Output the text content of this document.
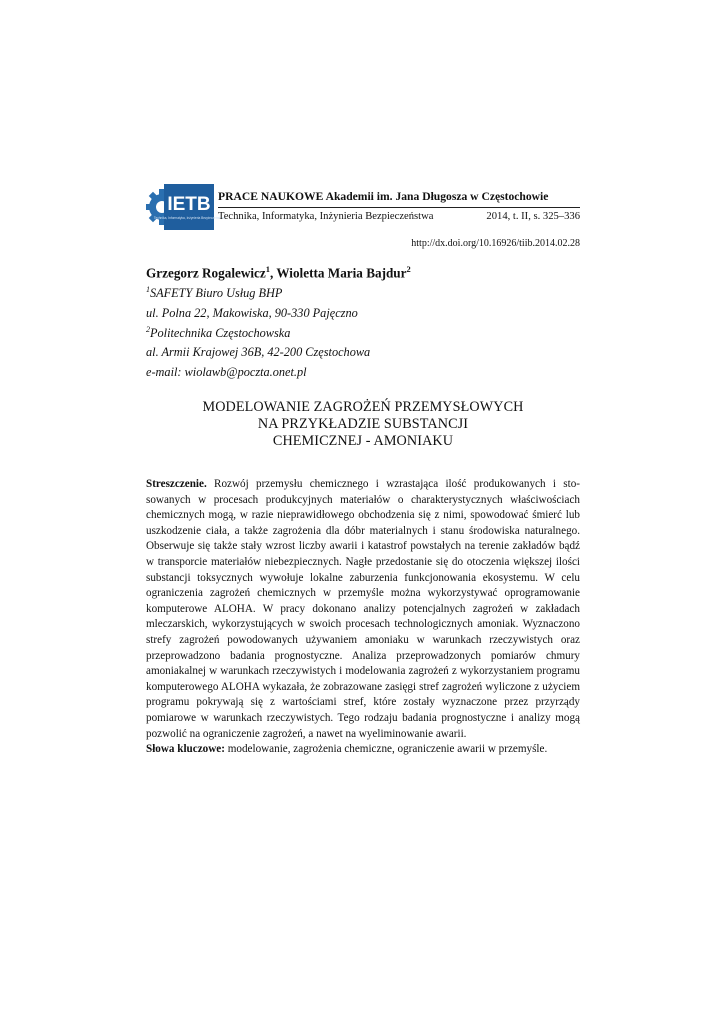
IETB
Technika, Informatyka, Inżynieria Bezpieczeństwa
PRACE NAUKOWE Akademii im. Jana Długosza w Częstochowie
Technika, Informatyka, Inżynieria Bezpieczeństwa	2014, t. II, s. 325–336
http://dx.doi.org/10.16926/tiib.2014.02.28
Grzegorz Rogalewicz$^1$, Wioletta Maria Bajdur$^2$
$^1$SAFETY Biuro Usług BHP
ul. Polna 22, Makowiska, 90-330 Pajęczno
$^2$Politechnika Częstochowska
al. Armii Krajowej 36B, 42-200 Częstochowa
e-mail: wiolawb@poczta.onet.pl
MODELOWANIE ZAGROŻEŃ PRZEMYSŁOWYCH
NA PRZYKŁADZIE SUBSTANCJI
CHEMICZNEJ - AMONIAKU
Streszczenie. Rozwój przemysłu chemicznego i wzrastająca ilość produkowanych i stosowanych w procesach produkcyjnych materiałów o charakterystycznych właściwościach chemicznych mogą, w razie nieprawidłowego obchodzenia się z nimi, spowodować śmierć lub uszkodzenie ciała, a także zagrożenia dla dóbr materialnych i stanu środowiska naturalnego. Obserwuje się także stały wzrost liczby awarii i katastrof powstałych na terenie zakładów bądź w transporcie materiałów niebezpiecznych. Nagłe przedostanie się do otoczenia większej ilości substancji toksycznych wywołuje lokalne zaburzenia funkcjonowania ekosystemu. W celu ograniczenia zagrożeń chemicznych w przemyśle można wykorzystywać oprogramowanie komputerowe ALOHA. W pracy dokonano analizy potencjalnych zagrożeń w zakładach mleczarskich, wykorzystujących w swoich procesach technologicznych amoniak. Wyznaczono strefy zagrożeń powodowanych używaniem amoniaku w warunkach rzeczywistych oraz przeprowadzono badania prognostyczne. Analiza przeprowadzonych pomiarów chmury amoniakalnej w warunkach rzeczywistych i modelowania zagrożeń z wykorzystaniem programu komputerowego ALOHA wykazała, że zobrazowane zasięgi stref zagrożeń wyliczone z użyciem programu pokrywają się z wartościami stref, które zostały wyznaczone przez przyrządy pomiarowe w warunkach rzeczywistych. Tego rodzaju badania prognostyczne i analizy mogą pozwolić na ograniczenie zagrożeń, a nawet na wyeliminowanie awarii.
Słowa kluczowe: modelowanie, zagrożenia chemiczne, ograniczenie awarii w przemyśle.
